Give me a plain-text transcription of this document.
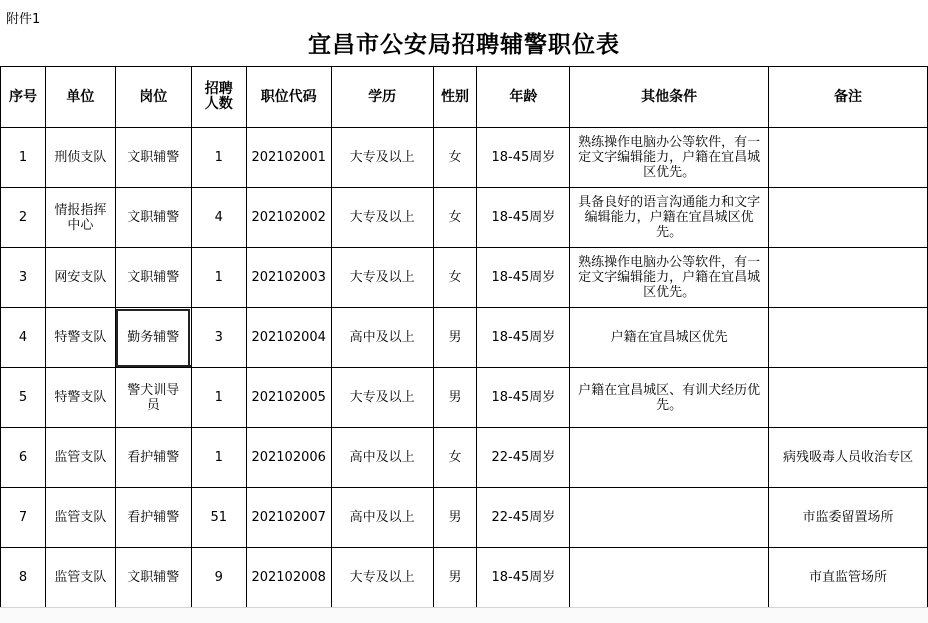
附件1
宜昌市公安局招聘辅警职位表
序号	单位	岗位	招聘人数	职位代码	学历	性别	年龄	其他条件	备注
1	刑侦支队	文职辅警	1	202102001	大专及以上	女	18-45周岁	熟练操作电脑办公等软件，有一定文字编辑能力，户籍在宜昌城区优先。	
2	情报指挥中心	文职辅警	4	202102002	大专及以上	女	18-45周岁	具备良好的语言沟通能力和文字编辑能力，户籍在宜昌城区优先。	
3	网安支队	文职辅警	1	202102003	大专及以上	女	18-45周岁	熟练操作电脑办公等软件，有一定文字编辑能力，户籍在宜昌城区优先。	
4	特警支队	勤务辅警	3	202102004	高中及以上	男	18-45周岁	户籍在宜昌城区优先	
5	特警支队	警犬训导员	1	202102005	大专及以上	男	18-45周岁	户籍在宜昌城区、有训犬经历优先。	
6	监管支队	看护辅警	1	202102006	高中及以上	女	22-45周岁		病残吸毒人员收治专区
7	监管支队	看护辅警	51	202102007	高中及以上	男	22-45周岁		市监委留置场所
8	监管支队	文职辅警	9	202102008	大专及以上	男	18-45周岁		市直监管场所
